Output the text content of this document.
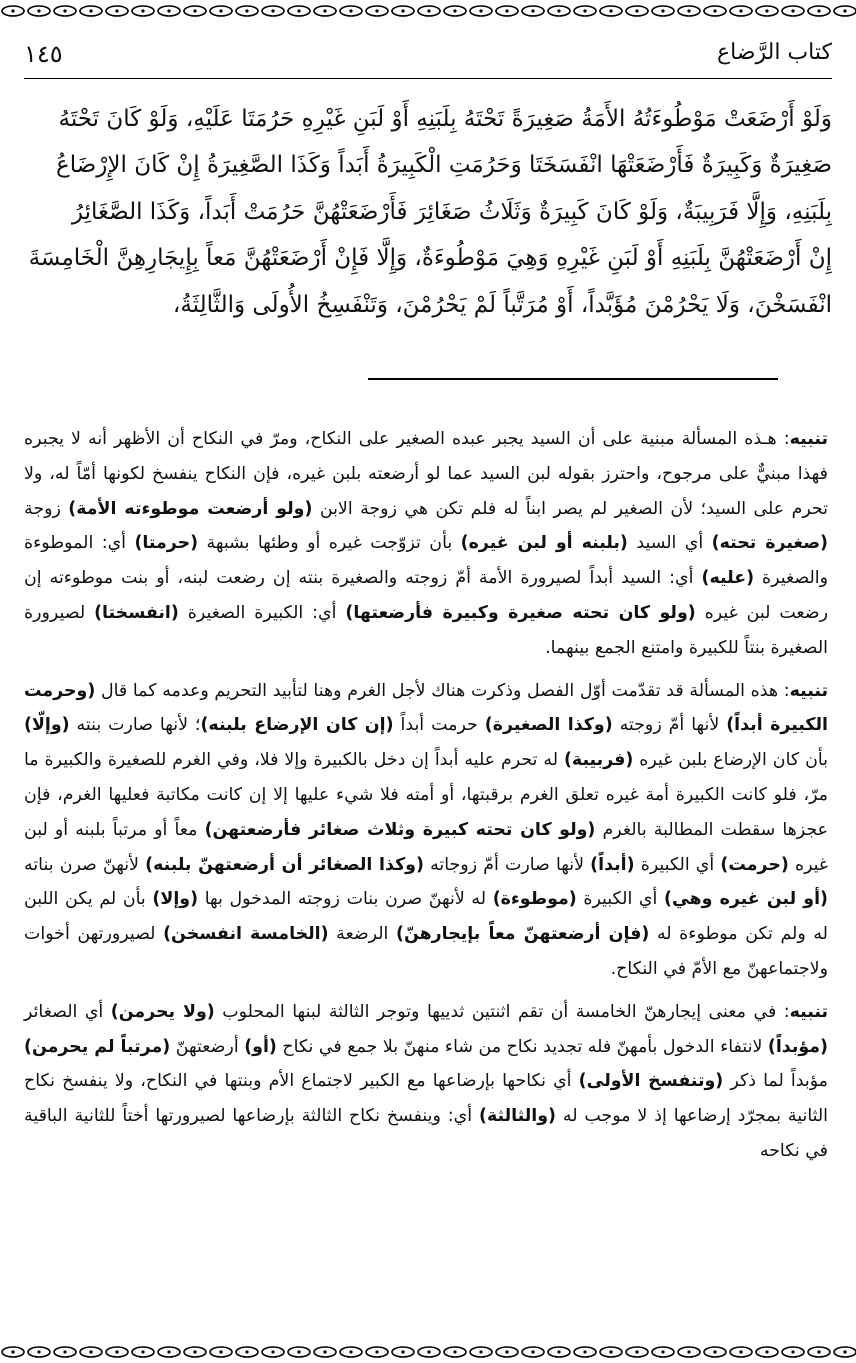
كتاب الرَّضاع
١٤٥
وَلَوْ أَرْضَعَتْ مَوْطُوءَتُهُ الأَمَةُ صَغِيرَةً تَحْتَهُ بِلَبَنِهِ أَوْ لَبَنِ غَيْرِهِ حَرُمَتَا عَلَيْهِ، وَلَوْ كَانَ تَحْتَهُ
صَغِيرَةٌ وَكَبِيرَةٌ فَأَرْضَعَتْهَا انْفَسَخَتَا وَحَرُمَتِ الْكَبِيرَةُ أَبَداً وَكَذَا الصَّغِيرَةُ إِنْ كَانَ الإِرْضَاعُ
بِلَبَنِهِ، وَإِلَّا فَرَبِيبَةٌ، وَلَوْ كَانَ كَبِيرَةٌ وَثَلَاثُ صَغَائِرَ فَأَرْضَعَتْهُنَّ حَرُمَتْ أَبَداً، وَكَذَا الصَّغَائِرُ
إِنْ أَرْضَعَتْهُنَّ بِلَبَنِهِ أَوْ لَبَنِ غَيْرِهِ وَهِيَ مَوْطُوءَةٌ، وَإِلَّا فَإِنْ أَرْضَعَتْهُنَّ مَعاً بِإِيجَارِهِنَّ الْخَامِسَةَ
انْفَسَخْنَ، وَلَا يَحْرُمْنَ مُؤَبَّداً، أَوْ مُرَتَّباً لَمْ يَحْرُمْنَ، وَتَنْفَسِخُ الأُولَى وَالثَّالِثَةُ،

تنبيه: هـذه المسألة مبنية على أن السيد يجبر عبده الصغير على النكاح، ومرّ في النكاح أن الأظهر أنه لا يجبره فهذا مبنيٌّ على مرجوح، واحترز بقوله لبن السيد عما لو أرضعته بلبن غيره، فإن النكاح ينفسخ لكونها أمّاً له، ولا تحرم على السيد؛ لأن الصغير لم يصر ابناً له فلم تكن هي زوجة الابن (ولو أرضعت موطوءته الأمة) زوجة (صغيرة تحته) أي السيد (بلبنه أو لبن غيره) بأن تزوّجت غيره أو وطئها بشبهة (حرمتا) أي: الموطوءة والصغيرة (عليه) أي: السيد أبداً لصيرورة الأمة أمّ زوجته والصغيرة بنته إن رضعت لبنه، أو بنت موطوءته إن رضعت لبن غيره (ولو كان تحته صغيرة وكبيرة فأرضعتها) أي: الكبيرة الصغيرة (انفسختا) لصيرورة الصغيرة بنتاً للكبيرة وامتنع الجمع بينهما.

تنبيه: هذه المسألة قد تقدّمت أوّل الفصل وذكرت هناك لأجل الغرم وهنا لتأبيد التحريم وعدمه كما قال (وحرمت الكبيرة أبداً) لأنها أمّ زوجته (وكذا الصغيرة) حرمت أبداً (إن كان الإرضاع بلبنه)؛ لأنها صارت بنته (وإلّا) بأن كان الإرضاع بلبن غيره (فربيبة) له تحرم عليه أبداً إن دخل بالكبيرة وإلا فلا، وفي الغرم للصغيرة والكبيرة ما مرّ، فلو كانت الكبيرة أمة غيره تعلق الغرم برقبتها، أو أمته فلا شيء عليها إلا إن كانت مكاتبة فعليها الغرم، فإن عجزها سقطت المطالبة بالغرم (ولو كان تحته كبيرة وثلاث صغائر فأرضعتهن) معاً أو مرتباً بلبنه أو لبن غيره (حرمت) أي الكبيرة (أبداً) لأنها صارت أمّ زوجاته (وكذا الصغائر أن أرضعتهنّ بلبنه) لأنهنّ صرن بناته (أو لبن غيره وهي) أي الكبيرة (موطوءة) له لأنهنّ صرن بنات زوجته المدخول بها (وإلا) بأن لم يكن اللبن له ولم تكن موطوءة له (فإن أرضعتهنّ معاً بإيجارهنّ) الرضعة (الخامسة انفسخن) لصيرورتهن أخوات ولاجتماعهنّ مع الأمّ في النكاح.

تنبيه: في معنى إيجارهنّ الخامسة أن تقم اثنتين ثدييها وتوجر الثالثة لبنها المحلوب (ولا يحرمن) أي الصغائر (مؤبداً) لانتفاء الدخول بأمهنّ فله تجديد نكاح من شاء منهنّ بلا جمع في نكاح (أو) أرضعتهنّ (مرتباً لم يحرمن) مؤبداً لما ذكر (وتنفسخ الأولى) أي نكاحها بإرضاعها مع الكبير لاجتماع الأم وبنتها في النكاح، ولا ينفسخ نكاح الثانية بمجرّد إرضاعها إذ لا موجب له (والثالثة) أي: وينفسخ نكاح الثالثة بإرضاعها لصيرورتها أختاً للثانية الباقية في نكاحه
